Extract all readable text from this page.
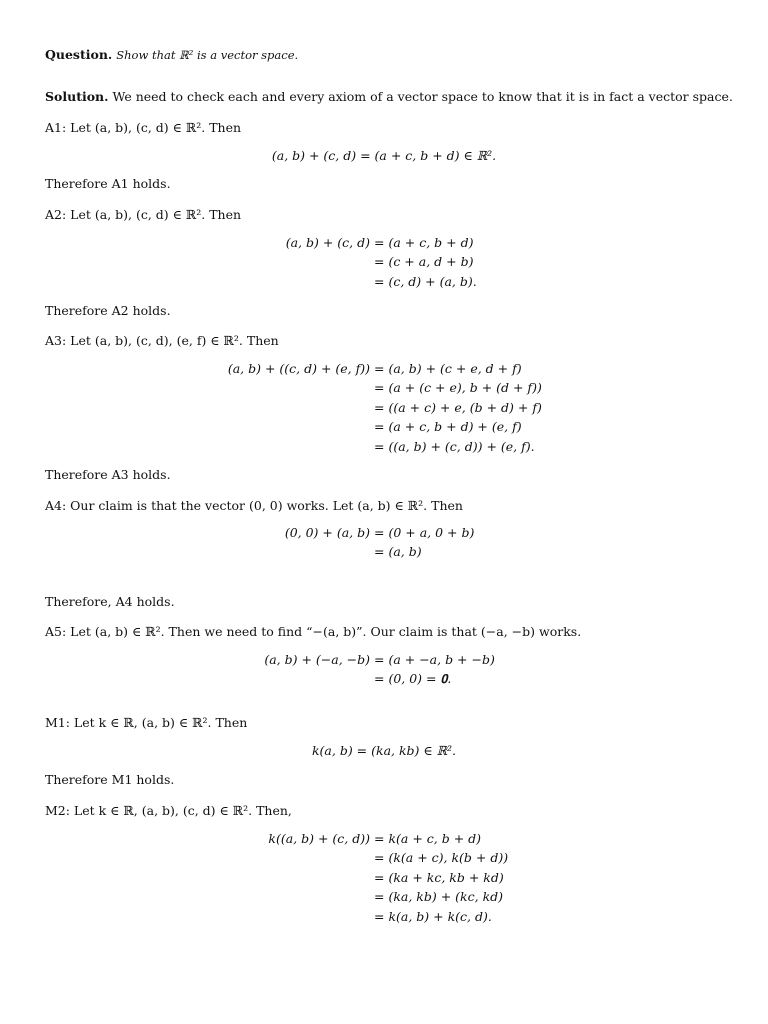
Question. Show that ℝ² is a vector space.
Solution. We need to check each and every axiom of a vector space to know that it is in fact a vector space.
A1: Let (a, b), (c, d) ∈ ℝ². Then
(a, b) + (c, d) = (a + c, b + d) ∈ ℝ².
Therefore A1 holds.
A2: Let (a, b), (c, d) ∈ ℝ². Then
(a, b) + (c, d) = (a + c, b + d)
= (c + a, d + b)
= (c, d) + (a, b).
Therefore A2 holds.
A3: Let (a, b), (c, d), (e, f) ∈ ℝ². Then
(a, b) + ((c, d) + (e, f)) = (a, b) + (c + e, d + f)
= (a + (c + e), b + (d + f))
= ((a + c) + e, (b + d) + f)
= (a + c, b + d) + (e, f)
= ((a, b) + (c, d)) + (e, f).
Therefore A3 holds.
A4: Our claim is that the vector (0, 0) works. Let (a, b) ∈ ℝ². Then
(0, 0) + (a, b) = (0 + a, 0 + b)
= (a, b)
Therefore, A4 holds.
A5: Let (a, b) ∈ ℝ². Then we need to find “−(a, b)”. Our claim is that (−a, −b) works.
(a, b) + (−a, −b) = (a + −a, b + −b)
= (0, 0) = 𝟎.
M1: Let k ∈ ℝ, (a, b) ∈ ℝ². Then
k(a, b) = (ka, kb) ∈ ℝ².
Therefore M1 holds.
M2: Let k ∈ ℝ, (a, b), (c, d) ∈ ℝ². Then,
k((a, b) + (c, d)) = k(a + c, b + d)
= (k(a + c), k(b + d))
= (ka + kc, kb + kd)
= (ka, kb) + (kc, kd)
= k(a, b) + k(c, d).
